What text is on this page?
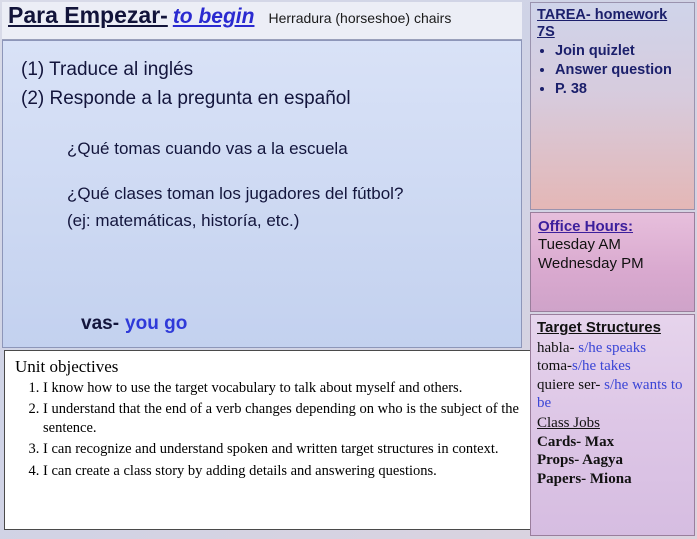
Para Empezar- to begin Herradura (horseshoe) chairs
(1) Traduce al inglés
(2) Responde a la pregunta en español
¿Qué tomas cuando vas a la escuela
¿Qué clases toman los jugadores del fútbol?
(ej: matemáticas, historía, etc.)
vas- you go
Unit objectives
1. I know how to use the target vocabulary to talk about myself and others.
2. I understand that the end of a verb changes depending on who is the subject of the sentence.
3. I can recognize and understand spoken and written target structures in context.
4. I can create a class story by adding details and answering questions.
TAREA- homework 7S
• Join quizlet
• Answer question
• P. 38
Office Hours:
Tuesday AM
Wednesday PM
Target Structures
habla- s/he speaks
toma-s/he takes
quiere ser- s/he wants to be
Class Jobs
Cards- Max
Props- Aagya
Papers- Miona
